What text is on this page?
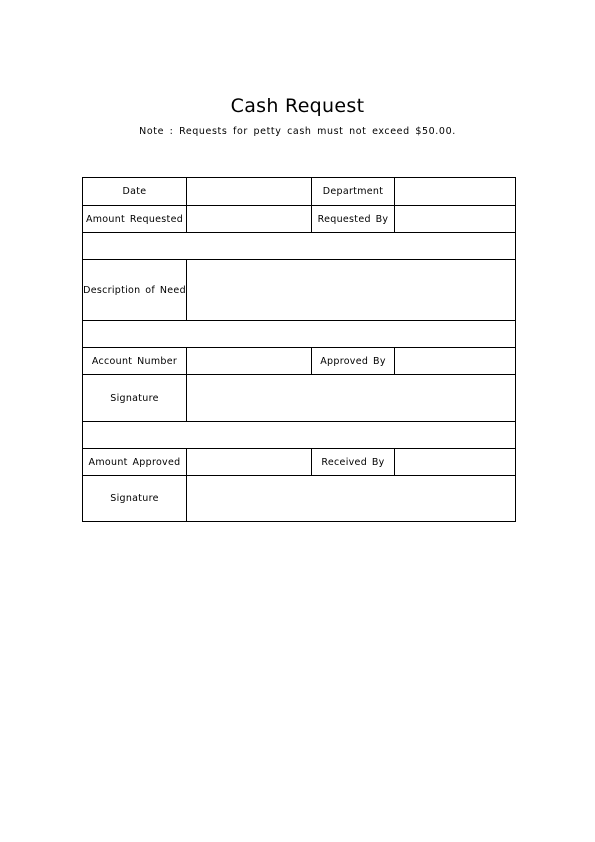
Cash Request
Note : Requests for petty cash must not exceed $50.00.
Date		Department	
Amount Requested		Requested By	

Description of Need			

Account Number		Approved By	
Signature			

Amount Approved		Received By	
Signature			
